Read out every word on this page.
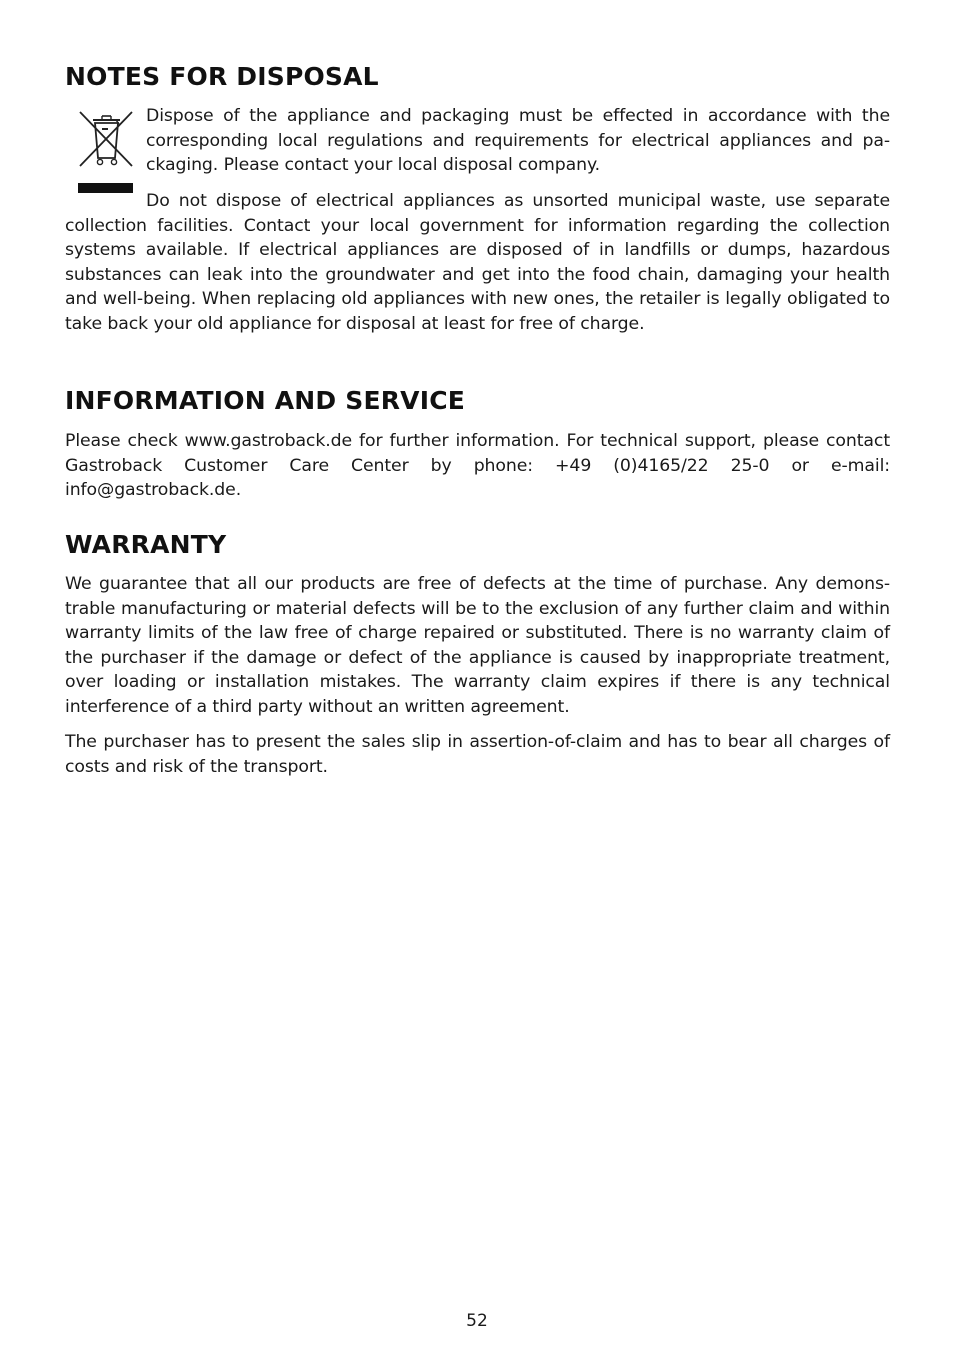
NOTES FOR DISPOSAL

Dispose of the appliance and packaging must be effected in accordance with the corresponding local regulations and requirements for electrical appliances and pa-ckaging. Please contact your local disposal company.

Do not dispose of electrical appliances as unsorted municipal waste, use separate collection facilities. Contact your local government for information regarding the collection systems available. If electrical appliances are disposed of in landfills or dumps, hazardous substances can leak into the groundwater and get into the food chain, damaging your health and well-being. When replacing old appliances with new ones, the retailer is legally obligated to take back your old appliance for disposal at least for free of charge.

INFORMATION AND SERVICE

Please check www.gastroback.de for further information. For technical support, please contact Gastroback Customer Care Center by phone: +49 (0)4165/22 25-0 or e-mail: info@gastroback.de.

WARRANTY

We guarantee that all our products are free of defects at the time of purchase. Any demons-trable manufacturing or material defects will be to the exclusion of any further claim and within warranty limits of the law free of charge repaired or substituted. There is no warranty claim of the purchaser if the damage or defect of the appliance is caused by inappropriate treatment, over loading or installation mistakes. The warranty claim expires if there is any technical interference of a third party without an written agreement.

The purchaser has to present the sales slip in assertion-of-claim and has to bear all charges of costs and risk of the transport.

52
